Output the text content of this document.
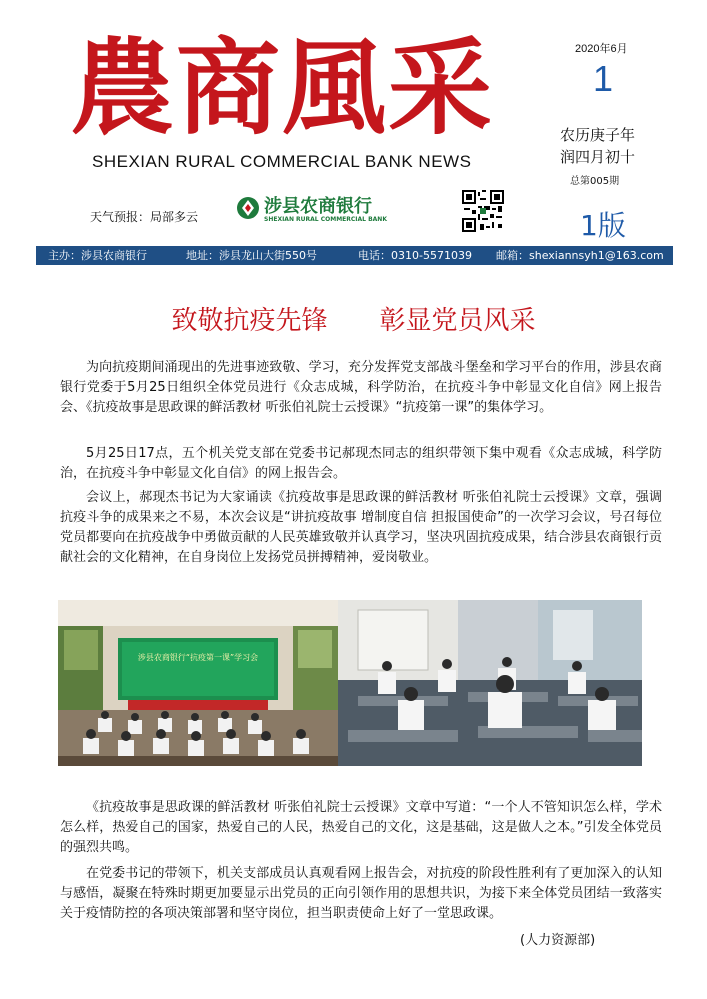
農商風采
SHEXIAN RURAL COMMERCIAL BANK NEWS
2020年6月
1
农历庚子年
润四月初十
总第005期
1版
天气预报：局部多云	涉县农商银行
SHEXIAN RURAL COMMERCIAL BANK
主办：涉县农商银行	地址：涉县龙山大街550号	电话：0310-5571039 邮箱：shexiannsyh1@163.com
致敬抗疫先锋　　彰显党员风采
为向抗疫期间涌现出的先进事迹致敬、学习，充分发挥党支部战斗堡垒和学习平台的作用，涉县农商银行党委于5月25日组织全体党员进行《众志成城，科学防治，在抗疫斗争中彰显文化自信》网上报告会、《抗疫故事是思政课的鲜活教材 听张伯礼院士云授课》“抗疫第一课”的集体学习。
5月25日17点，五个机关党支部在党委书记郝现杰同志的组织带领下集中观看《众志成城，科学防治，在抗疫斗争中彰显文化自信》的网上报告会。
会议上，郝现杰书记为大家诵读《抗疫故事是思政课的鲜活教材 听张伯礼院士云授课》文章，强调抗疫斗争的成果来之不易，本次会议是“讲抗疫故事 增制度自信 担报国使命”的一次学习会议，号召每位党员都要向在抗疫战争中勇做贡献的人民英雄致敬并认真学习，坚决巩固抗疫成果，结合涉县农商银行贡献社会的文化精神，在自身岗位上发扬党员拼搏精神，爱岗敬业。
涉县农商银行“抗疫第一课”学习会
《抗疫故事是思政课的鲜活教材 听张伯礼院士云授课》文章中写道：“一个人不管知识怎么样，学术怎么样，热爱自己的国家，热爱自己的人民，热爱自己的文化，这是基础，这是做人之本。”引发全体党员的强烈共鸣。
在党委书记的带领下，机关支部成员认真观看网上报告会，对抗疫的阶段性胜利有了更加深入的认知与感悟，凝聚在特殊时期更加要显示出党员的正向引领作用的思想共识，为接下来全体党员团结一致落实关于疫情防控的各项决策部署和坚守岗位，担当职责使命上好了一堂思政课。
(人力资源部)
